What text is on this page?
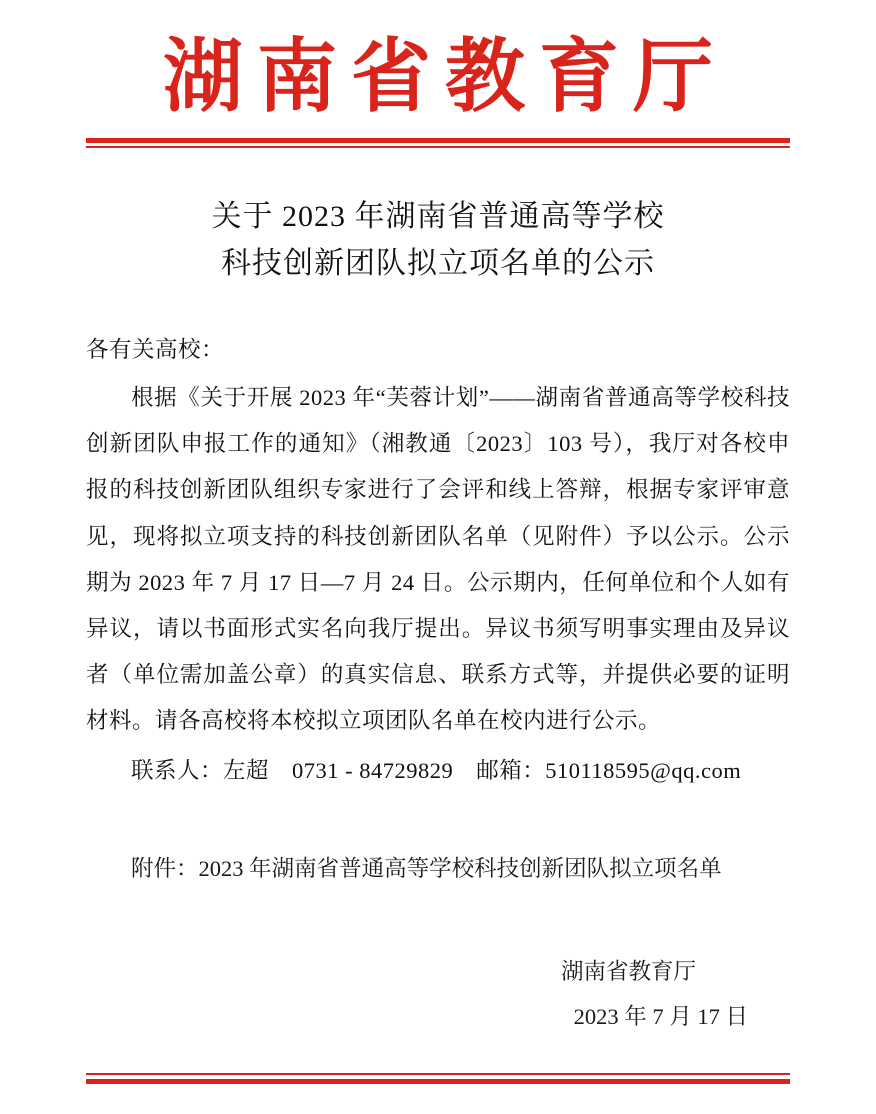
湖南省教育厅
关于 2023 年湖南省普通高等学校
科技创新团队拟立项名单的公示

各有关高校：

根据《关于开展 2023 年“芙蓉计划”——湖南省普通高等学校科技创新团队申报工作的通知》（湘教通〔2023〕103 号），我厅对各校申报的科技创新团队组织专家进行了会评和线上答辩，根据专家评审意见，现将拟立项支持的科技创新团队名单（见附件）予以公示。公示期为 2023 年 7 月 17 日—7 月 24 日。公示期内，任何单位和个人如有异议，请以书面形式实名向我厅提出。异议书须写明事实理由及异议者（单位需加盖公章）的真实信息、联系方式等，并提供必要的证明材料。请各高校将本校拟立项团队名单在校内进行公示。

联系人：左超　0731 - 84729829　邮箱：510118595@qq.com

附件：2023 年湖南省普通高等学校科技创新团队拟立项名单
湖南省教育厅
2023 年 7 月 17 日
